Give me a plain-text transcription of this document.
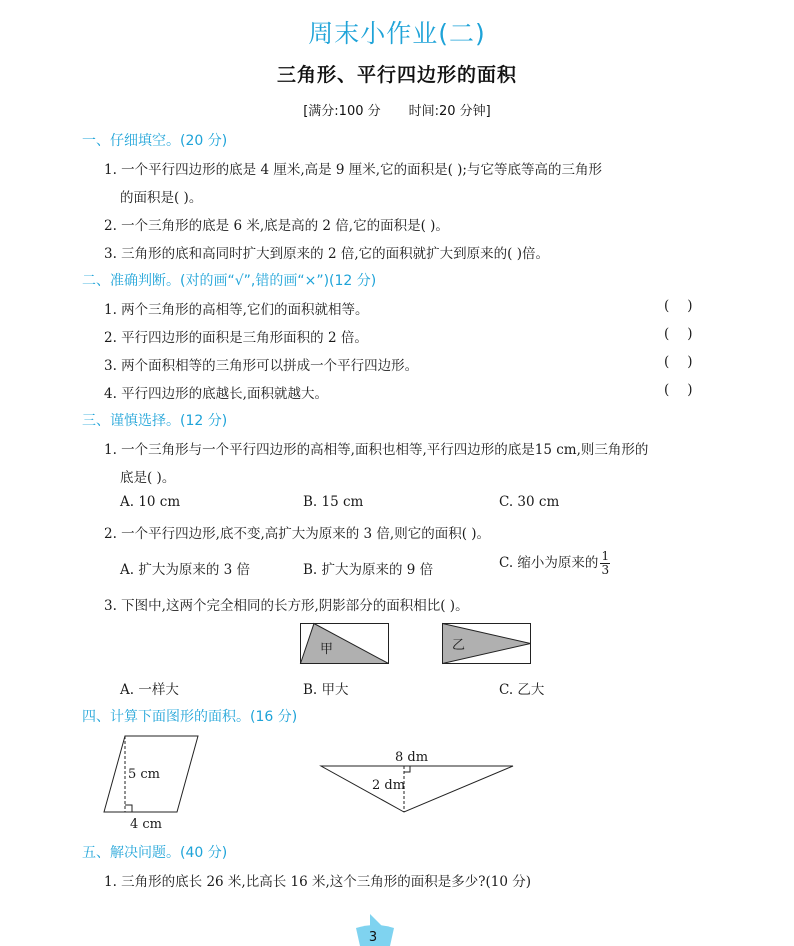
周末小作业(二)
三角形、平行四边形的面积
[满分:100 分 时间:20 分钟]
一、仔细填空。(20 分)
1. 一个平行四边形的底是 4 厘米,高是 9 厘米,它的面积是( );与它等底等高的三角形
的面积是( )。
2. 一个三角形的底是 6 米,底是高的 2 倍,它的面积是( )。
3. 三角形的底和高同时扩大到原来的 2 倍,它的面积就扩大到原来的( )倍。
二、准确判断。(对的画“√”,错的画“×”)(12 分)
1. 两个三角形的高相等,它们的面积就相等。	()
2. 平行四边形的面积是三角形面积的 2 倍。	()
3. 两个面积相等的三角形可以拼成一个平行四边形。	()
4. 平行四边形的底越长,面积就越大。	()
三、谨慎选择。(12 分)
1. 一个三角形与一个平行四边形的高相等,面积也相等,平行四边形的底是15 cm,则三角形的
底是( )。
A. 10 cm	B. 15 cm	C. 30 cm
2. 一个平行四边形,底不变,高扩大为原来的 3 倍,则它的面积( )。
A. 扩大为原来的 3 倍	B. 扩大为原来的 9 倍	C. 缩小为原来的 $\frac{1}{3}$
3. 下图中,这两个完全相同的长方形,阴影部分的面积相比( )。
甲	乙
A. 一样大	B. 甲大	C. 乙大
四、计算下面图形的面积。(16 分)
5 cm
4 cm
8 dm
2 dm
五、解决问题。(40 分)
1. 三角形的底长 26 米,比高长 16 米,这个三角形的面积是多少?(10 分)
3
